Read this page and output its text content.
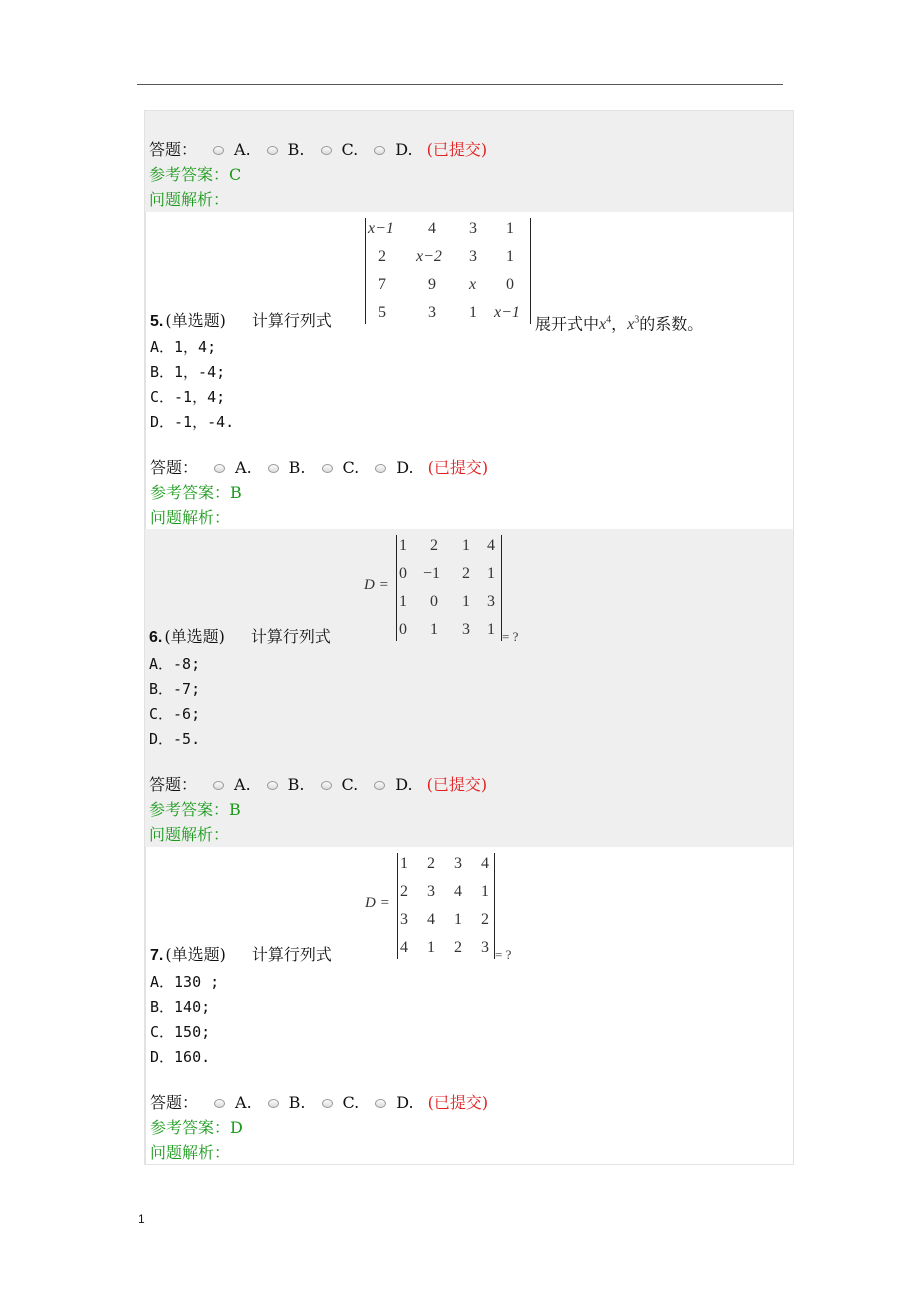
答题： A. B. C. D. (已提交)
参考答案：C
问题解析：
x−1 4 3 1
2 x−2 3 1
7	9 x 0
5	3 1 x−1
5. (单选题) 计算行列式	展开式中$x^4$，$x^3$的系数。
A．1，4;
B．1，-4;
C．-1，4;
D．-1，-4.
答题： A. B. C. D. (已提交)
参考答案：B
问题解析：
D =
1 2 1 4
0 −1 2 1
1 0 1 3
0 1 3 1 = ?
6. (单选题) 计算行列式
A．-8;
B．-7;
C．-6;
D．-5.
答题： A. B. C. D. (已提交)
参考答案：B
问题解析：
D =
1 2 3 4
2 3 4 1
3 4 1 2
4 1 2 3 = ?
7. (单选题) 计算行列式
A．130 ;
B．140;
C．150;
D．160.
答题： A. B. C. D. (已提交)
参考答案：D
问题解析：
1
